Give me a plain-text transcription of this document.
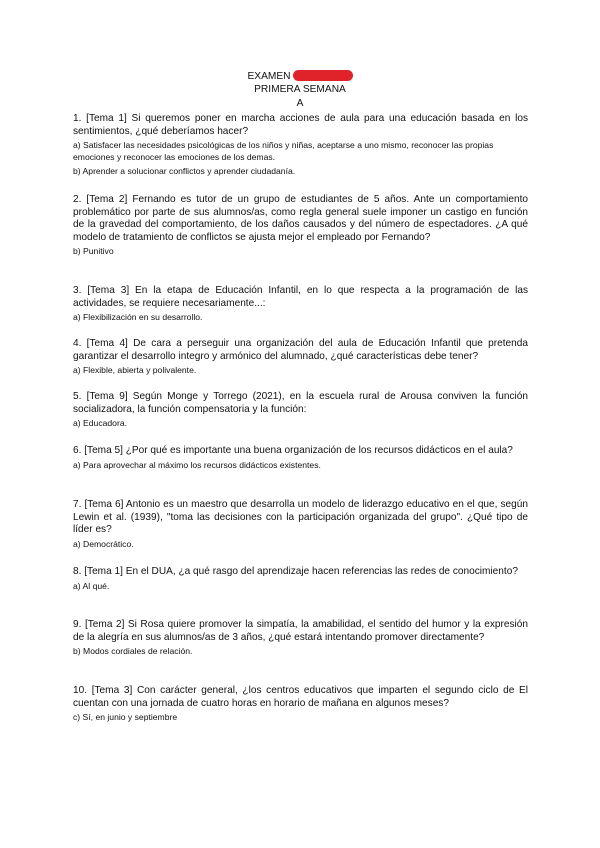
EXAMEN
PRIMERA SEMANA
A

1. [Tema 1] Si queremos poner en marcha acciones de aula para una educación basada en los sentimientos, ¿qué deberíamos hacer?

a) Satisfacer las necesidades psicológicas de los niños y niñas, aceptarse a uno mismo, reconocer las propias emociones y reconocer las emociones de los demas.

b) Aprender a solucionar conflictos y aprender ciudadanía.

2. [Tema 2] Fernando es tutor de un grupo de estudiantes de 5 años. Ante un comportamiento problemático por parte de sus alumnos/as, como regla general suele imponer un castigo en función de la gravedad del comportamiento, de los daños causados y del número de espectadores. ¿A qué modelo de tratamiento de conflictos se ajusta mejor el empleado por Fernando?

b) Punitivo

3. [Tema 3] En la etapa de Educación Infantil, en lo que respecta a la programación de las actividades, se requiere necesariamente...:

a) Flexibilización en su desarrollo.

4. [Tema 4] De cara a perseguir una organización del aula de Educación Infantil que pretenda garantizar el desarrollo integro y armónico del alumnado, ¿qué características debe tener?

a) Flexible, abierta y polivalente.

5. [Tema 9] Según Monge y Torrego (2021), en la escuela rural de Arousa conviven la función socializadora, la función compensatoria y la función:

a) Educadora.

6. [Tema 5] ¿Por qué es importante una buena organización de los recursos didácticos en el aula?

a) Para aprovechar al máximo los recursos didácticos existentes.

7. [Tema 6] Antonio es un maestro que desarrolla un modelo de liderazgo educativo en el que, según Lewin et al. (1939), "toma las decisiones con la participación organizada del grupo". ¿Qué tipo de líder es?

a) Democrático.

8. [Tema 1] En el DUA, ¿a qué rasgo del aprendizaje hacen referencias las redes de conocimiento?

a) Al qué.

9. [Tema 2] Si Rosa quiere promover la simpatía, la amabilidad, el sentido del humor y la expresión de la alegría en sus alumnos/as de 3 años, ¿qué estará intentando promover directamente?

b) Modos cordiales de relación.

10. [Tema 3] Con carácter general, ¿los centros educativos que imparten el segundo ciclo de El cuentan con una jornada de cuatro horas en horario de mañana en algunos meses?

c) Sí, en junio y septiembre
